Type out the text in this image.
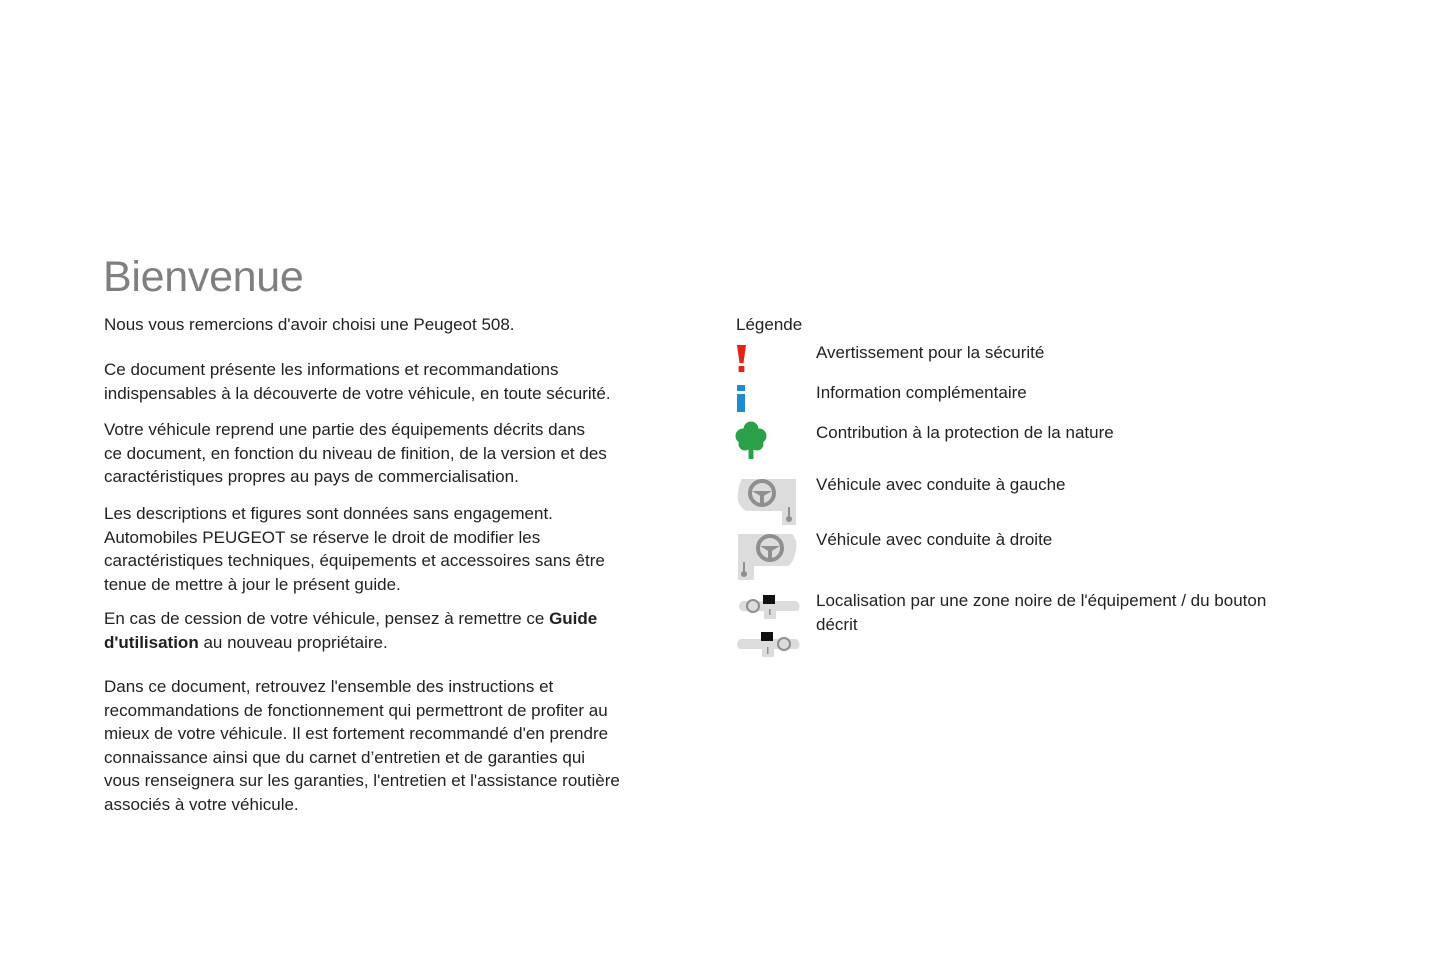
Bienvenue

Nous vous remercions d'avoir choisi une Peugeot 508.

Ce document présente les informations et recommandations
indispensables à la découverte de votre véhicule, en toute sécurité.

Votre véhicule reprend une partie des équipements décrits dans
ce document, en fonction du niveau de finition, de la version et des
caractéristiques propres au pays de commercialisation.

Les descriptions et figures sont données sans engagement.
Automobiles PEUGEOT se réserve le droit de modifier les
caractéristiques techniques, équipements et accessoires sans être
tenue de mettre à jour le présent guide.

En cas de cession de votre véhicule, pensez à remettre ce Guide
d'utilisation au nouveau propriétaire.

Dans ce document, retrouvez l'ensemble des instructions et
recommandations de fonctionnement qui permettront de profiter au
mieux de votre véhicule. Il est fortement recommandé d'en prendre
connaissance ainsi que du carnet d’entretien et de garanties qui
vous renseignera sur les garanties, l'entretien et l'assistance routière
associés à votre véhicule.

Légende
Avertissement pour la sécurité
Information complémentaire
Contribution à la protection de la nature
Véhicule avec conduite à gauche
Véhicule avec conduite à droite
Localisation par une zone noire de l'équipement / du bouton
décrit
